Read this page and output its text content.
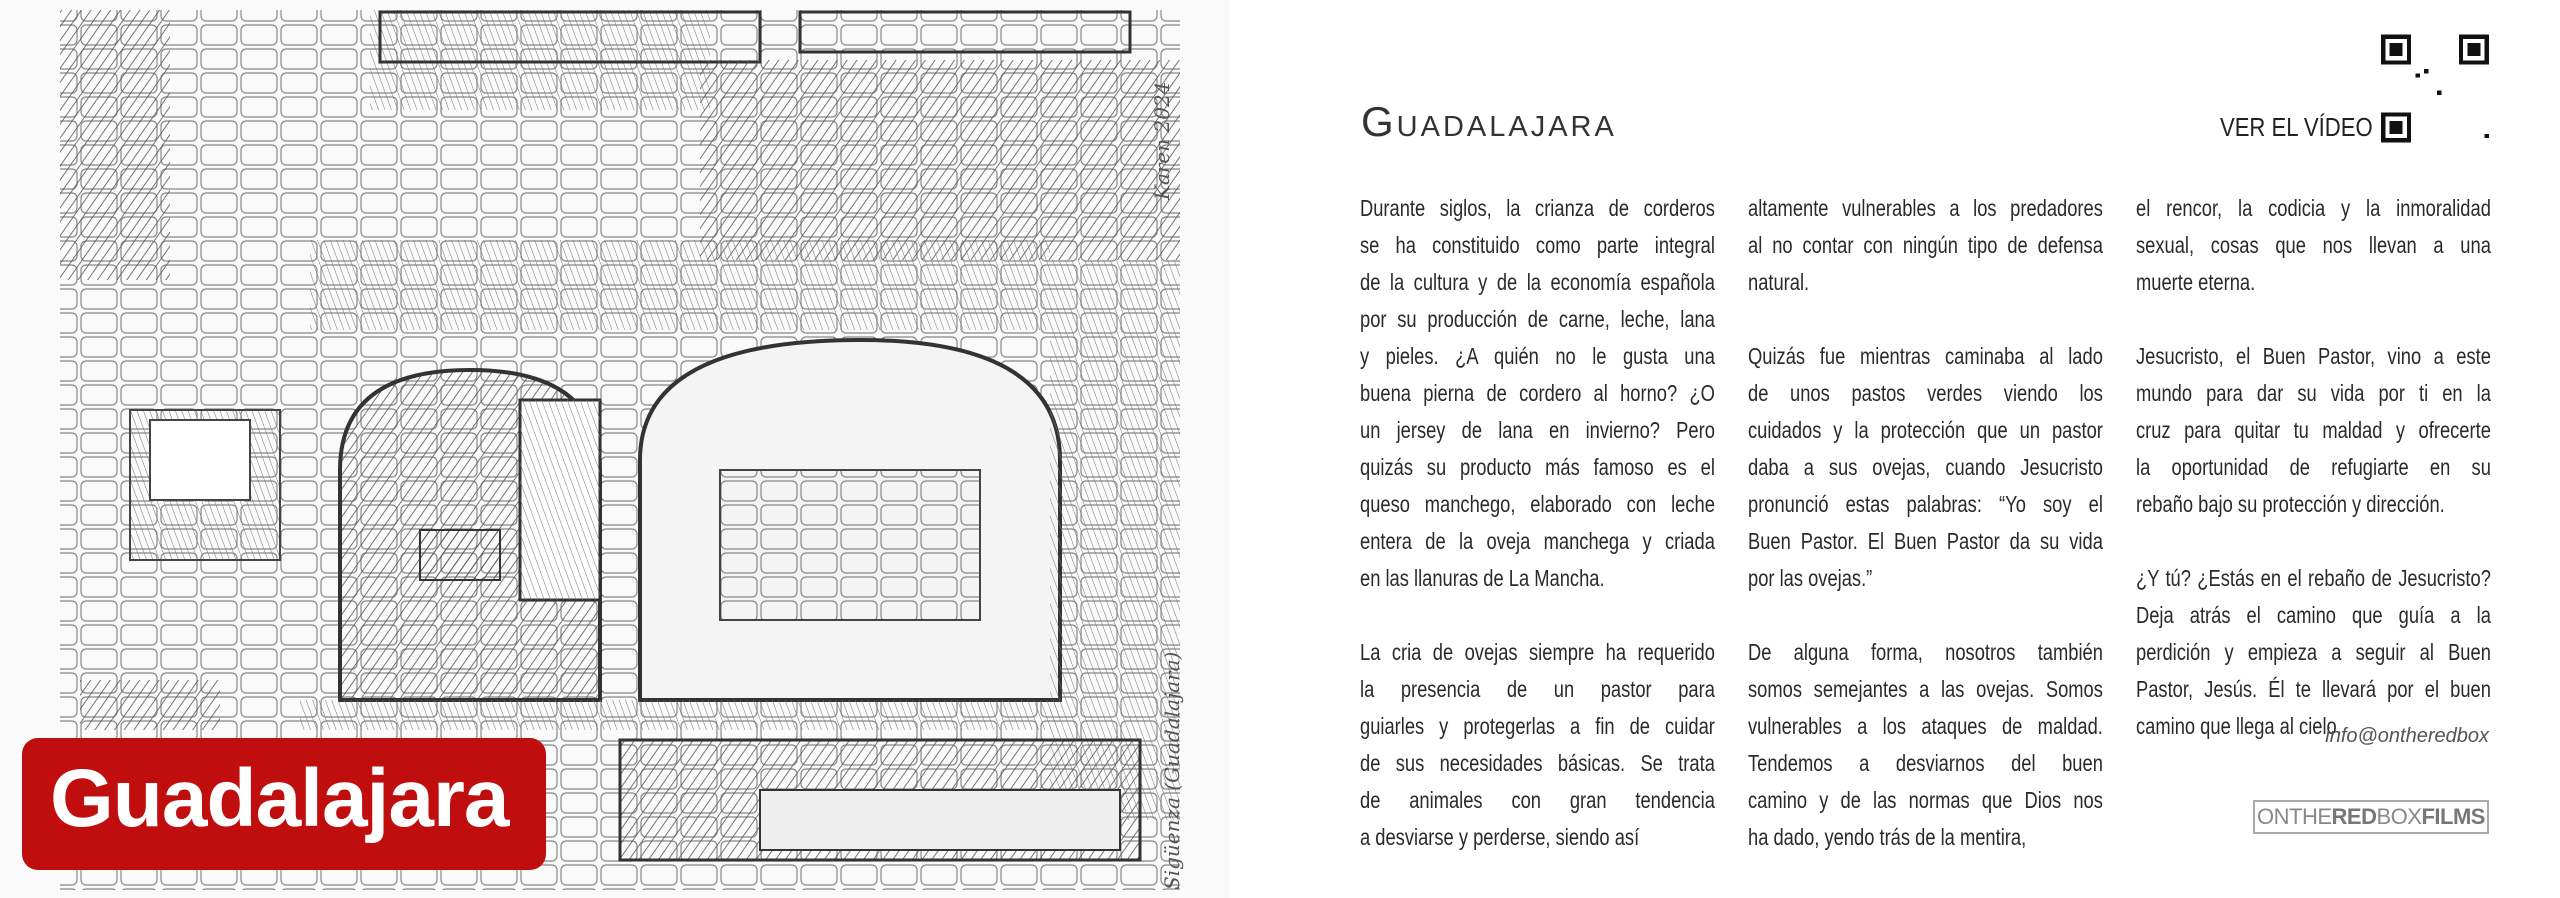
Karen 2024
Sigüenza (Guadalajara)
Guadalajara
Guadalajara	VER EL VÍDEO
Durante siglos, la crianza de corderos
se ha constituido como parte integral
de la cultura y de la economía española
por su producción de carne, leche, lana
y pieles. ¿A quién no le gusta una
buena pierna de cordero al horno? ¿O
un jersey de lana en invierno? Pero
quizás su producto más famoso es el
queso manchego, elaborado con leche
entera de la oveja manchega y criada
en las llanuras de La Mancha.
La cria de ovejas siempre ha requerido
la presencia de un pastor para
guiarles y protegerlas a fin de cuidar
de sus necesidades básicas. Se trata
de animales con gran tendencia
a desviarse y perderse, siendo así
altamente vulnerables a los predadores
al no contar con ningún tipo de defensa
natural.
Quizás fue mientras caminaba al lado
de unos pastos verdes viendo los
cuidados y la protección que un pastor
daba a sus ovejas, cuando Jesucristo
pronunció estas palabras: “Yo soy el
Buen Pastor. El Buen Pastor da su vida
por las ovejas.”
De alguna forma, nosotros también
somos semejantes a las ovejas. Somos
vulnerables a los ataques de maldad.
Tendemos a desviarnos del buen
camino y de las normas que Dios nos
ha dado, yendo trás de la mentira,
el rencor, la codicia y la inmoralidad
sexual, cosas que nos llevan a una
muerte eterna.
Jesucristo, el Buen Pastor, vino a este
mundo para dar su vida por ti en la
cruz para quitar tu maldad y ofrecerte
la oportunidad de refugiarte en su
rebaño bajo su protección y dirección.
¿Y tú? ¿Estás en el rebaño de Jesucristo?
Deja atrás el camino que guía a la
perdición y empieza a seguir al Buen
Pastor, Jesús. Él te llevará por el buen
camino que llega al cielo.
info@ontheredbox
ONTHEREDBOXFILMS
